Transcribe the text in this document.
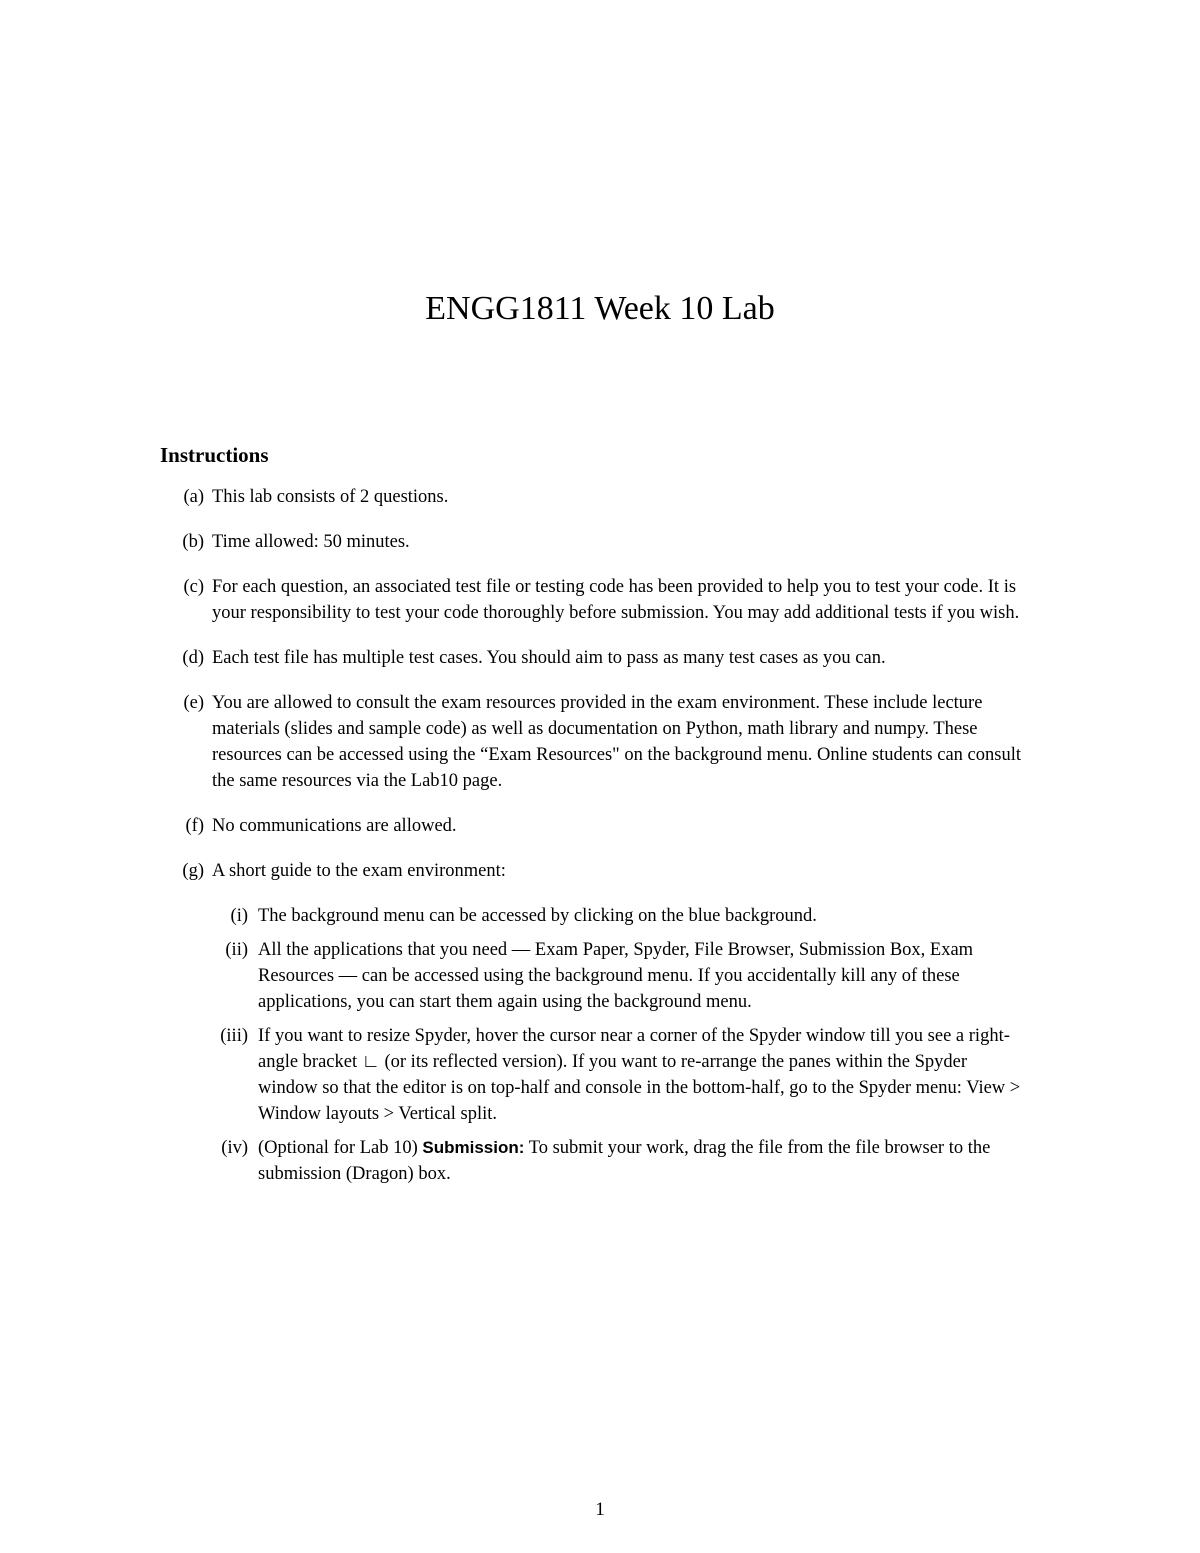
ENGG1811 Week 10 Lab
Instructions
(a) This lab consists of 2 questions.
(b) Time allowed: 50 minutes.
(c) For each question, an associated test file or testing code has been provided to help you to test your code. It is your responsibility to test your code thoroughly before submission. You may add additional tests if you wish.
(d) Each test file has multiple test cases. You should aim to pass as many test cases as you can.
(e) You are allowed to consult the exam resources provided in the exam environment. These include lecture materials (slides and sample code) as well as documentation on Python, math library and numpy. These resources can be accessed using the “Exam Resources" on the background menu. Online students can consult the same resources via the Lab10 page.
(f) No communications are allowed.
(g) A short guide to the exam environment:
(i) The background menu can be accessed by clicking on the blue background.
(ii) All the applications that you need — Exam Paper, Spyder, File Browser, Submission Box, Exam Resources — can be accessed using the background menu. If you accidentally kill any of these applications, you can start them again using the background menu.
(iii) If you want to resize Spyder, hover the cursor near a corner of the Spyder window till you see a right-angle bracket ∟ (or its reflected version). If you want to re-arrange the panes within the Spyder window so that the editor is on top-half and console in the bottom-half, go to the Spyder menu: View > Window layouts > Vertical split.
(iv) (Optional for Lab 10) Submission: To submit your work, drag the file from the file browser to the submission (Dragon) box.
1
